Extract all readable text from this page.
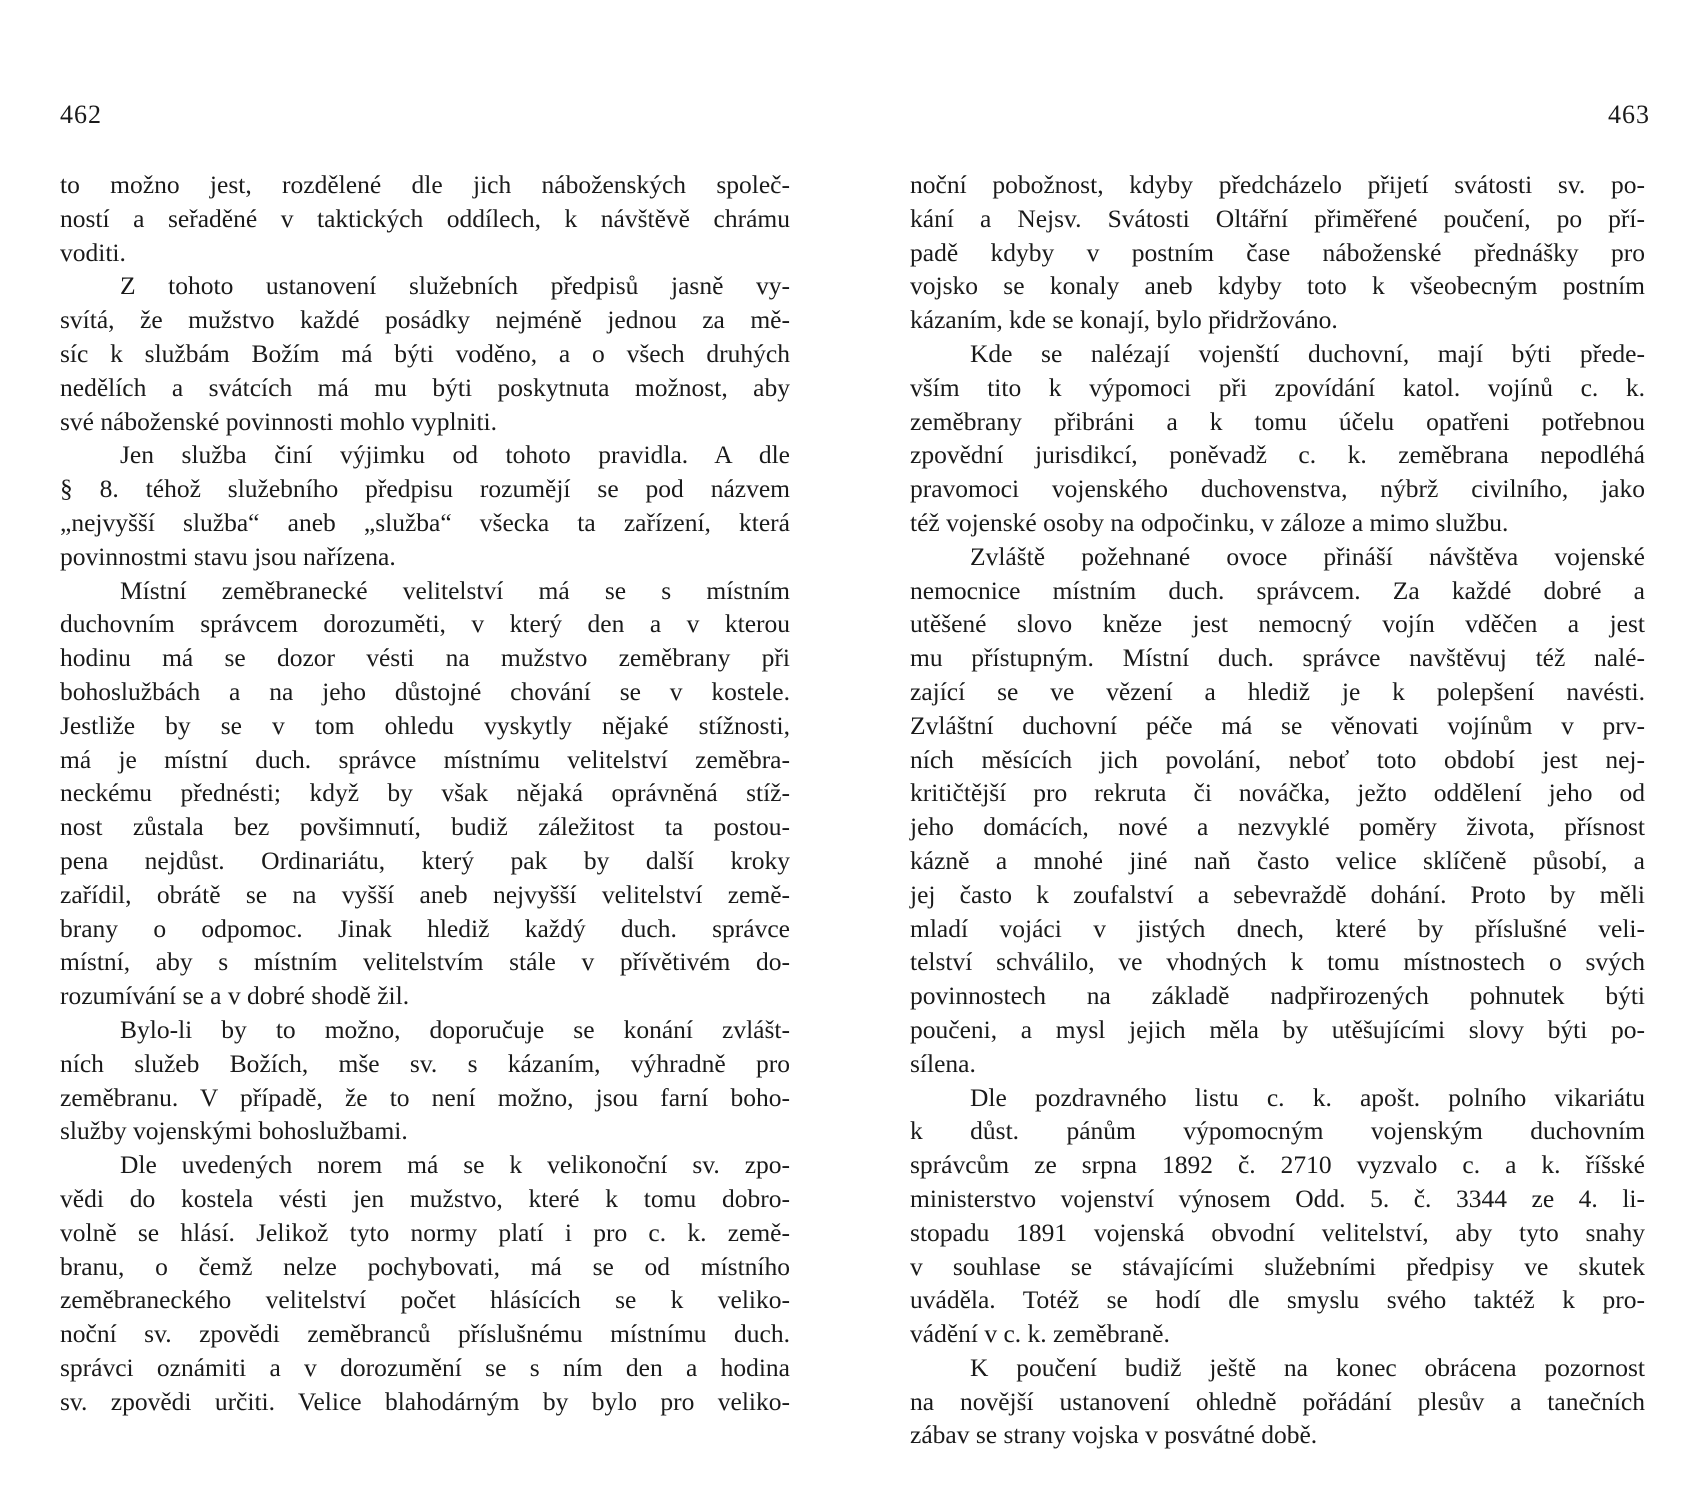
462
to možno jest, rozdělené dle jich náboženských společ-
ností a seřaděné v taktických oddílech, k návštěvě chrámu
voditi.
Z tohoto ustanovení služebních předpisů jasně vy-
svítá, že mužstvo každé posádky nejméně jednou za mě-
síc k službám Božím má býti voděno, a o všech druhých
nedělích a svátcích má mu býti poskytnuta možnost, aby
své náboženské povinnosti mohlo vyplniti.
Jen služba činí výjimku od tohoto pravidla. A dle
§ 8. téhož služebního předpisu rozumějí se pod názvem
„nejvyšší služba“ aneb „služba“ všecka ta zařízení, která
povinnostmi stavu jsou nařízena.
Místní zeměbranecké velitelství má se s místním
duchovním správcem dorozuměti, v který den a v kterou
hodinu má se dozor vésti na mužstvo zeměbrany při
bohoslužbách a na jeho důstojné chování se v kostele.
Jestliže by se v tom ohledu vyskytly nějaké stížnosti,
má je místní duch. správce místnímu velitelství zeměbra-
neckému přednésti; když by však nějaká oprávněná stíž-
nost zůstala bez povšimnutí, budiž záležitost ta postou-
pena nejdůst. Ordinariátu, který pak by další kroky
zařídil, obrátě se na vyšší aneb nejvyšší velitelství země-
brany o odpomoc. Jinak hlediž každý duch. správce
místní, aby s místním velitelstvím stále v přívětivém do-
rozumívání se a v dobré shodě žil.
Bylo-li by to možno, doporučuje se konání zvlášt-
ních služeb Božích, mše sv. s kázaním, výhradně pro
zeměbranu. V případě, že to není možno, jsou farní boho-
služby vojenskými bohoslužbami.
Dle uvedených norem má se k velikonoční sv. zpo-
vědi do kostela vésti jen mužstvo, které k tomu dobro-
volně se hlásí. Jelikož tyto normy platí i pro c. k. země-
branu, o čemž nelze pochybovati, má se od místního
zeměbraneckého velitelství počet hlásících se k veliko-
noční sv. zpovědi zeměbranců příslušnému místnímu duch.
správci oznámiti a v dorozumění se s ním den a hodina
sv. zpovědi určiti. Velice blahodárným by bylo pro veliko-
463
noční pobožnost, kdyby předcházelo přijetí svátosti sv. po-
kání a Nejsv. Svátosti Oltářní přiměřené poučení, po pří-
padě kdyby v postním čase náboženské přednášky pro
vojsko se konaly aneb kdyby toto k všeobecným postním
kázaním, kde se konají, bylo přidržováno.
Kde se nalézají vojenští duchovní, mají býti přede-
vším tito k výpomoci při zpovídání katol. vojínů c. k.
zeměbrany přibráni a k tomu účelu opatřeni potřebnou
zpovědní jurisdikcí, poněvadž c. k. zeměbrana nepodléhá
pravomoci vojenského duchovenstva, nýbrž civilního, jako
též vojenské osoby na odpočinku, v záloze a mimo službu.
Zvláště požehnané ovoce přináší návštěva vojenské
nemocnice místním duch. správcem. Za každé dobré a
utěšené slovo kněze jest nemocný vojín vděčen a jest
mu přístupným. Místní duch. správce navštěvuj též nalé-
zající se ve vězení a hlediž je k polepšení navésti.
Zvláštní duchovní péče má se věnovati vojínům v prv-
ních měsících jich povolání, neboť toto období jest nej-
kritičtější pro rekruta či nováčka, ježto oddělení jeho od
jeho domácích, nové a nezvyklé poměry života, přísnost
kázně a mnohé jiné naň často velice sklíčeně působí, a
jej často k zoufalství a sebevraždě dohání. Proto by měli
mladí vojáci v jistých dnech, které by příslušné veli-
telství schválilo, ve vhodných k tomu místnostech o svých
povinnostech na základě nadpřirozených pohnutek býti
poučeni, a mysl jejich měla by utěšujícími slovy býti po-
sílena.
Dle pozdravného listu c. k. apošt. polního vikariátu
k důst. pánům výpomocným vojenským duchovním
správcům ze srpna 1892 č. 2710 vyzvalo c. a k. říšské
ministerstvo vojenství výnosem Odd. 5. č. 3344 ze 4. li-
stopadu 1891 vojenská obvodní velitelství, aby tyto snahy
v souhlase se stávajícími služebními předpisy ve skutek
uváděla. Totéž se hodí dle smyslu svého taktéž k pro-
vádění v c. k. zeměbraně.
K poučení budiž ještě na konec obrácena pozornost
na novější ustanovení ohledně pořádání plesův a tanečních
zábav se strany vojska v posvátné době.
